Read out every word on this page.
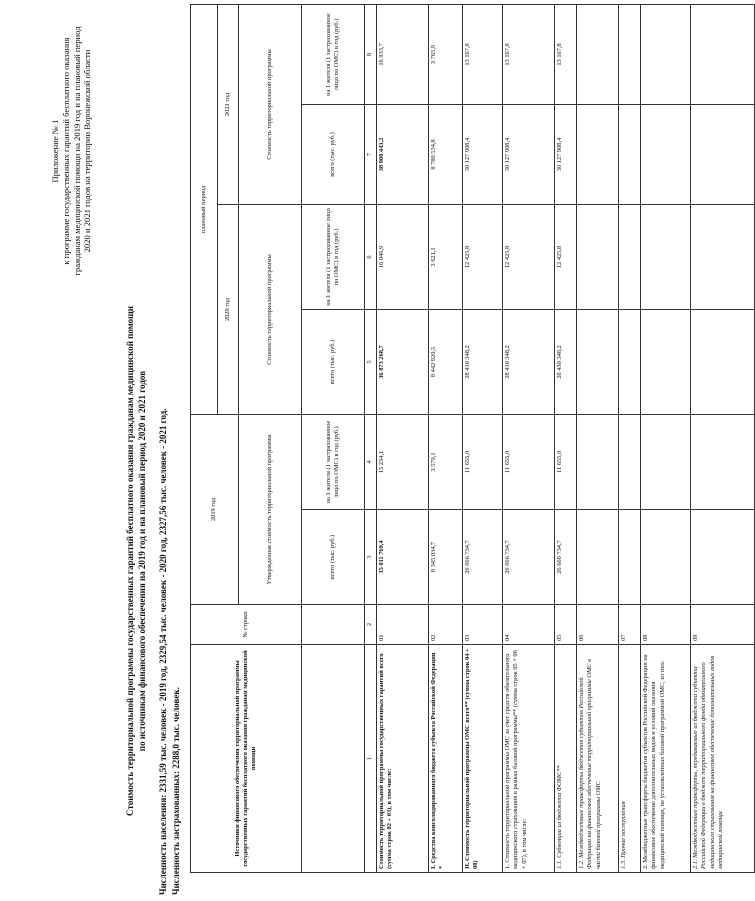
Приложение № 1 к программе государственных гарантий бесплатного оказания гражданам медицинской помощи на 2019 год и на плановый период 2020 и 2021 годов на территории Воронежской области
Стоимость территориальной программы государственных гарантий бесплатного оказания гражданам медицинской помощи по источникам финансового обеспечения на 2019 год и на плановый период 2020 и 2021 годов Численность населения: 2331,59 тыс. человек - 2019 год, 2329,54 тыс. человек - 2020 год, 2327,56 тыс. человек - 2021 год. Численность застрахованных: 2288,0 тыс. человек.	Источники финансового обеспечения территориальной программы государственных гарантий бесплатного оказания гражданам медицинской помощи	№ строки	2019 год		плановый период			
				2020 год		2021 год	
		Утвержденная стоимость территориальной программы		Стоимость территориальной программы		Стоимость территориальной программы	
		всего (тыс. руб.)	на 1 жителя (1 застрахованное лицо по ОМС) в год (руб.)	всего (тыс. руб.)	на 1 жителя (1 застрахованное лицо по ОМС) в год (руб.)	всего (тыс. руб.)	на 1 жителя (1 застрахованное лицо по ОМС) в год (руб.)
1	2	3	4	5	6	7	8
Стоимость территориальной программы государственных гарантий всего (сумма строк 02 + 03), в том числе:	01	35 011 769,4	15 234,1	36 873 268,7	16 046,9	38 908 443,2	16 933,7
I. Средства консолидированного бюджета субъекта Российской Федерации *	02	8 345 034,7	3 579,1	8 442 920,5	3 621,1	8 780 534,8	3 765,9
II. Стоимость территориальной программы ОМС всего** (сумма строк 04 + 08)	03	26 666 734,7	11 655,0	28 430 348,2	12 425,8	30 127 908,4	13 167,8
1. Стоимость территориальной программы ОМС за счет средств обязательного медицинского страхования в рамках базовой программы** (сумма строк 05 + 06 + 07), в том числе:	04	26 666 734,7	11 655,0	28 430 348,2	12 425,8	30 127 908,4	13 167,8
1.1. Субвенции из бюджета ФОМС**	05	26 666 734,7	11 655,0	28 430 348,2	12 425,8	30 127 908,4	13 167,8
1.2. Межбюджетные трансферты бюджетов субъектов Российской Федерации на финансовое обеспечение территориальной программы ОМС в части базовой программы ОМС	06						
1.3. Прочие поступления	07						
2. Межбюджетные трансферты бюджетов субъектов Российской Федерации на финансовое обеспечение дополнительных видов и условий оказания медицинской помощи, не установленных базовой программой ОМС, из них:	08						
2.1. Межбюджетные трансферты, передаваемые из бюджета субъекта Российской Федерации в бюджет территориального фонда обязательного медицинского страхования на финансовое обеспечение дополнительных видов медицинской помощи	09						
